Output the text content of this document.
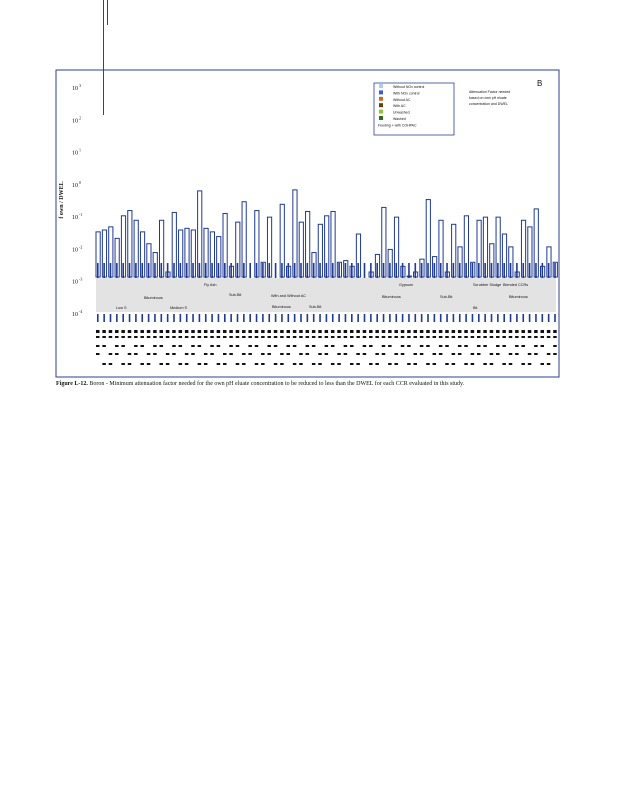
10
3
10
2
10
1
10
0
10
-1
10
-2
10
-3
10
-4
f own / DWEL
B
Without NOx control
With NOx control
Without AC
With AC
Unwashed
Washed
Feeding + with COHPAC
Attenuation Factor needed
based on own pH eluate
concentration and DWEL
Fly Ash
Bituminous
Low S	Medium S
Sub-Bit	With and Without AC
Bituminous	Sub-Bit
Gypsum
Bituminous	Sub-Bit
Scrubber Sludge
Bit
Blended CCRs
Bituminous
Figure L-12. Boron - Minimum attenuation factor needed for the own pH eluate concentration to be reduced to less than the DWEL for each CCR evaluated in this study.
